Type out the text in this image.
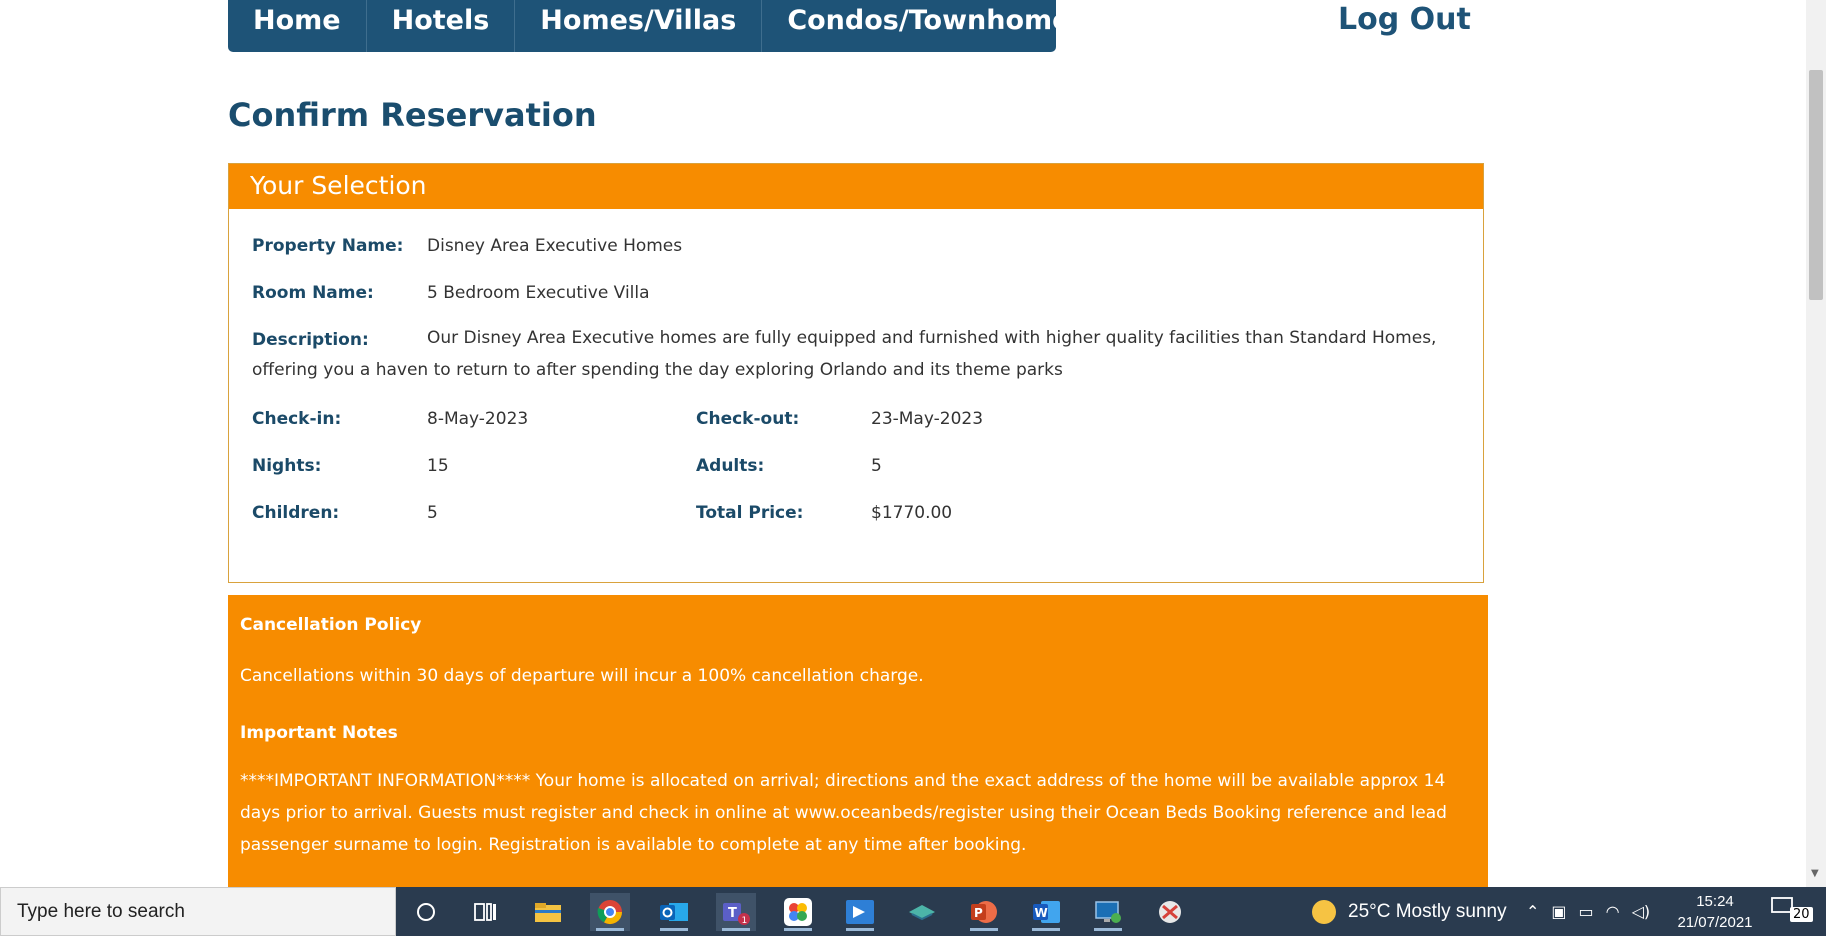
Home	Hotels	Homes/Villas	Condos/Townhomes	Log Out
Confirm Reservation
Your Selection
Property Name: Disney Area Executive Homes
Room Name:	5 Bedroom Executive Villa
Description:	Our Disney Area Executive homes are fully equipped and furnished with higher quality facilities than Standard Homes, offering you a haven to return to after spending the day exploring Orlando and its theme parks
Check-in:	8-May-2023	Check-out:	23-May-2023
Nights:	15	Adults:	5
Children:	5	Total Price:	$1770.00
Cancellation Policy
Cancellations within 30 days of departure will incur a 100% cancellation charge.
Important Notes
****IMPORTANT INFORMATION**** Your home is allocated on arrival; directions and the exact address of the home will be available approx 14 days prior to arrival. Guests must register and check in online at www.oceanbeds/register using their Ocean Beds Booking reference and lead passenger surname to login. Registration is available to complete at any time after booking.
▼
Type here to search	T 1
P	W	25°C Mostly sunny ⌃ ▣ ▭ ◠ ◁)
15:24
21/07/2021	20
